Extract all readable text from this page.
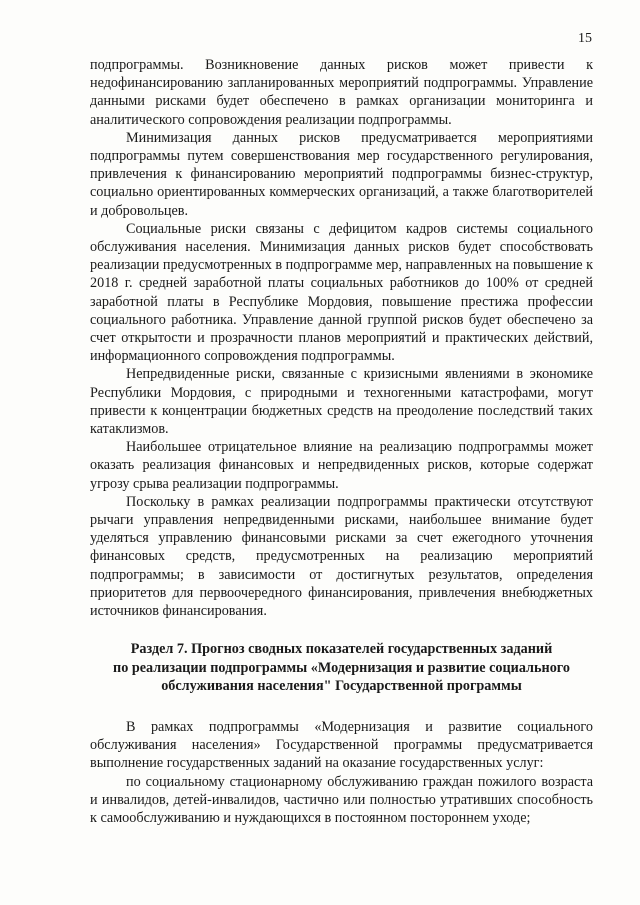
15

подпрограммы. Возникновение данных рисков может привести к недофинансированию запланированных мероприятий подпрограммы. Управление данными рисками будет обеспечено в рамках организации мониторинга и аналитического сопровождения реализации подпрограммы.

Минимизация данных рисков предусматривается мероприятиями подпрограммы путем совершенствования мер государственного регулирования, привлечения к финансированию мероприятий подпрограммы бизнес-структур, социально ориентированных коммерческих организаций, а также благотворителей и добровольцев.

Социальные риски связаны с дефицитом кадров системы социального обслуживания населения. Минимизация данных рисков будет способствовать реализации предусмотренных в подпрограмме мер, направленных на повышение к 2018 г. средней заработной платы социальных работников до 100% от средней заработной платы в Республике Мордовия, повышение престижа профессии социального работника. Управление данной группой рисков будет обеспечено за счет открытости и прозрачности планов мероприятий и практических действий, информационного сопровождения подпрограммы.

Непредвиденные риски, связанные с кризисными явлениями в экономике Республики Мордовия, с природными и техногенными катастрофами, могут привести к концентрации бюджетных средств на преодоление последствий таких катаклизмов.

Наибольшее отрицательное влияние на реализацию подпрограммы может оказать реализация финансовых и непредвиденных рисков, которые содержат угрозу срыва реализации подпрограммы.

Поскольку в рамках реализации подпрограммы практически отсутствуют рычаги управления непредвиденными рисками, наибольшее внимание будет уделяться управлению финансовыми рисками за счет ежегодного уточнения финансовых средств, предусмотренных на реализацию мероприятий подпрограммы; в зависимости от достигнутых результатов, определения приоритетов для первоочередного финансирования, привлечения внебюджетных источников финансирования.

Раздел 7. Прогноз сводных показателей государственных заданий
по реализации подпрограммы «Модернизация и развитие социального
обслуживания населения" Государственной программы

В рамках подпрограммы «Модернизация и развитие социального обслуживания населения» Государственной программы предусматривается выполнение государственных заданий на оказание государственных услуг:

по социальному стационарному обслуживанию граждан пожилого возраста и инвалидов, детей-инвалидов, частично или полностью утративших способность к самообслуживанию и нуждающихся в постоянном постороннем уходе;
